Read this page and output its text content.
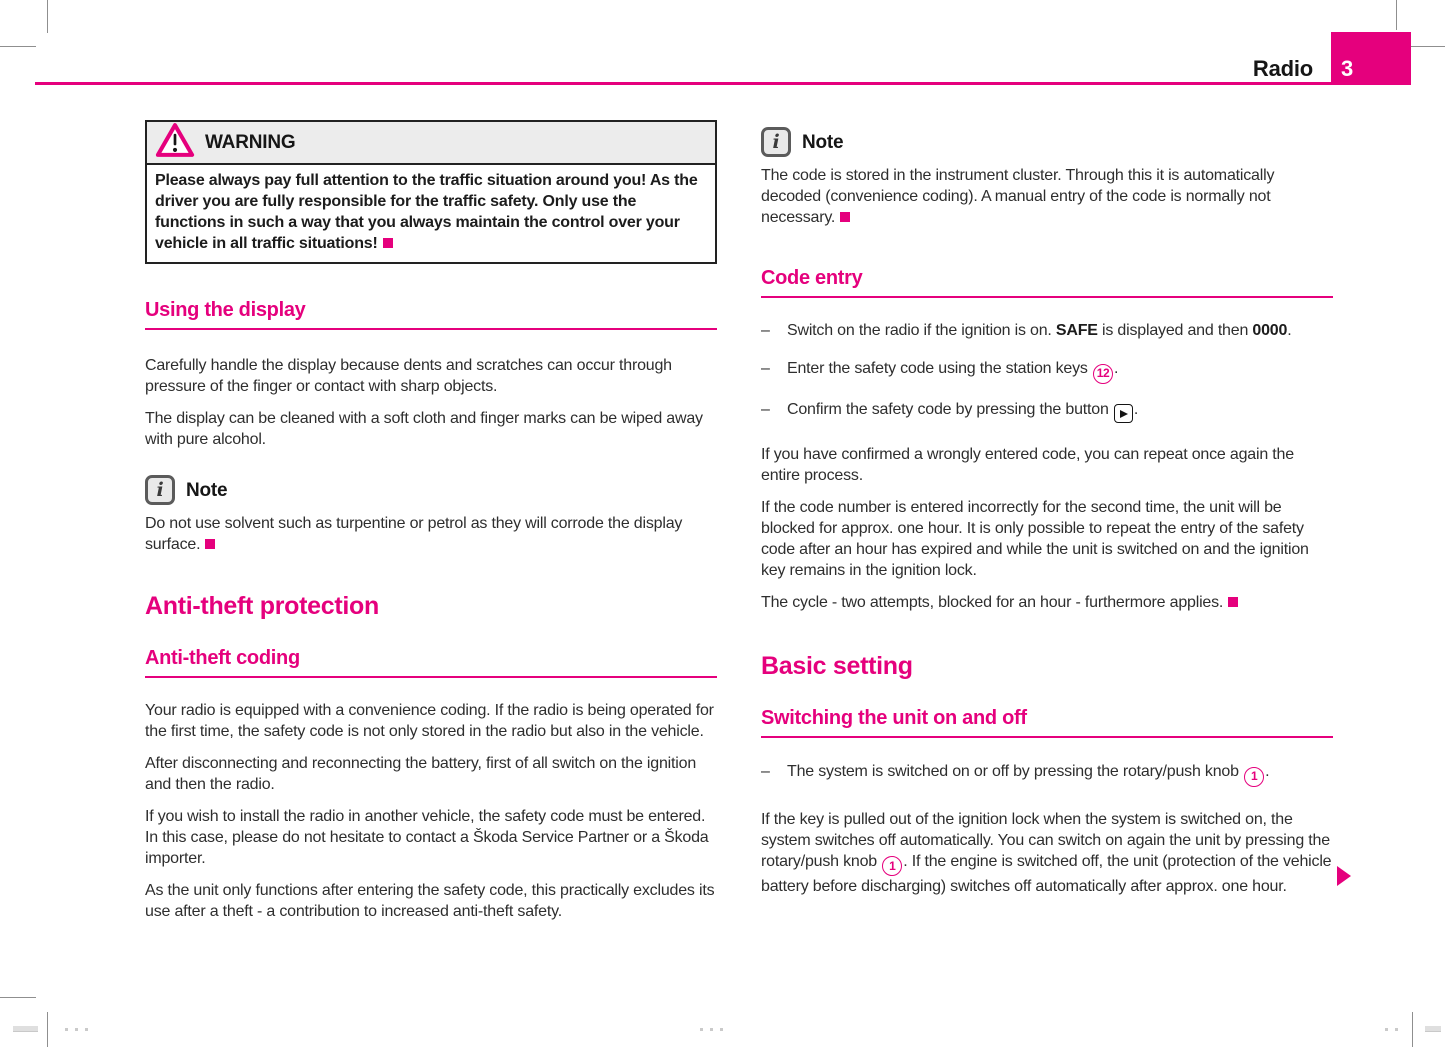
Radio 3
WARNING
Please always pay full attention to the traffic situation around you! As the driver you are fully responsible for the traffic safety. Only use the functions in such a way that you always maintain the control over your vehicle in all traffic situations!
Using the display

Carefully handle the display because dents and scratches can occur through pressure of the finger or contact with sharp objects.

The display can be cleaned with a soft cloth and finger marks can be wiped away with pure alcohol.

i	Note

Do not use solvent such as turpentine or petrol as they will corrode the display surface.

Anti-theft protection
Anti-theft coding

Your radio is equipped with a convenience coding. If the radio is being operated for the first time, the safety code is not only stored in the radio but also in the vehicle.

After disconnecting and reconnecting the battery, first of all switch on the ignition and then the radio.

If you wish to install the radio in another vehicle, the safety code must be entered. In this case, please do not hesitate to contact a Škoda Service Partner or a Škoda importer.

As the unit only functions after entering the safety code, this practically excludes its use after a theft - a contribution to increased anti-theft safety.

i	Note

The code is stored in the instrument cluster. Through this it is automatically decoded (convenience coding). A manual entry of the code is normally not necessary.

Code entry
–	Switch on the radio if the ignition is on. SAFE is displayed and then 0000.
–	Enter the safety code using the station keys 12 .
–	Confirm the safety code by pressing the button
.

If you have confirmed a wrongly entered code, you can repeat once again the entire process.

If the code number is entered incorrectly for the second time, the unit will be blocked for approx. one hour. It is only possible to repeat the entry of the safety code after an hour has expired and while the unit is switched on and the ignition key remains in the ignition lock.

The cycle - two attempts, blocked for an hour - furthermore applies.

Basic setting
Switching the unit on and off
–	The system is switched on or off by pressing the rotary/push knob 1 .

If the key is pulled out of the ignition lock when the system is switched on, the system switches off automatically. You can switch on again the unit by pressing the rotary/push knob 1 . If the engine is switched off, the unit (protection of the vehicle battery before discharging) switches off automatically after approx. one hour.
